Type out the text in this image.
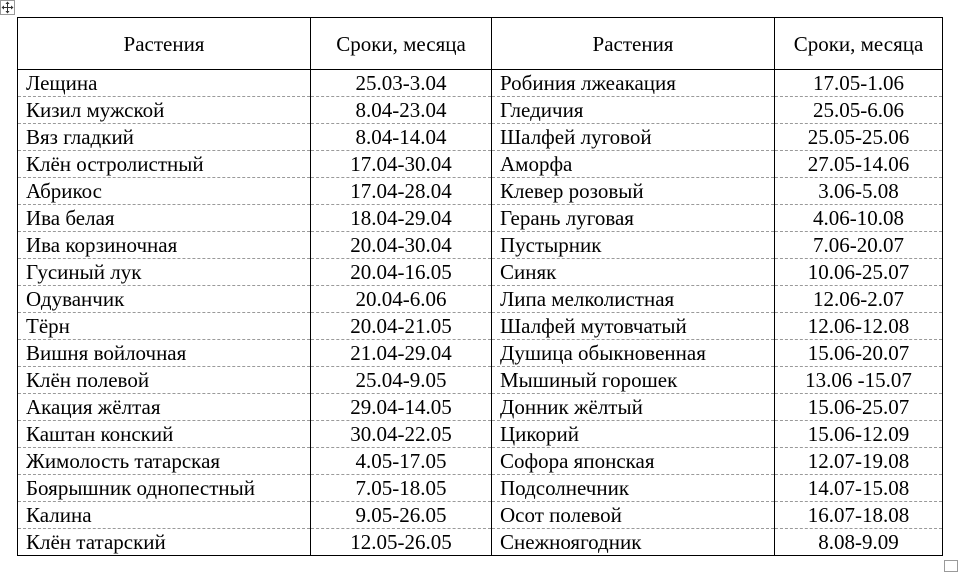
Растения	Сроки, месяца	Растения	Сроки, месяца
Лещина	25.03-3.04	Робиния лжеакация	17.05-1.06
Кизил мужской	8.04-23.04	Гледичия	25.05-6.06
Вяз гладкий	8.04-14.04	Шалфей луговой	25.05-25.06
Клён остролистный	17.04-30.04	Аморфа	27.05-14.06
Абрикос	17.04-28.04	Клевер розовый	3.06-5.08
Ива белая	18.04-29.04	Герань луговая	4.06-10.08
Ива корзиночная	20.04-30.04	Пустырник	7.06-20.07
Гусиный лук	20.04-16.05	Синяк	10.06-25.07
Одуванчик	20.04-6.06	Липа мелколистная	12.06-2.07
Тёрн	20.04-21.05	Шалфей мутовчатый	12.06-12.08
Вишня войлочная	21.04-29.04	Душица обыкновенная	15.06-20.07
Клён полевой	25.04-9.05	Мышиный горошек	13.06 -15.07
Акация жёлтая	29.04-14.05	Донник жёлтый	15.06-25.07
Каштан конский	30.04-22.05	Цикорий	15.06-12.09
Жимолость татарская	4.05-17.05	Софора японская	12.07-19.08
Боярышник однопестный	7.05-18.05	Подсолнечник	14.07-15.08
Калина	9.05-26.05	Осот полевой	16.07-18.08
Клён татарский	12.05-26.05	Снежноягодник	8.08-9.09
